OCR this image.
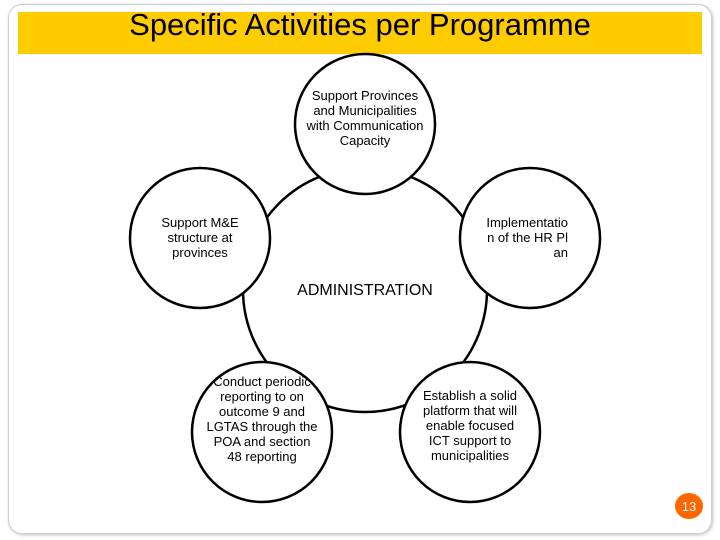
Specific Activities per Programme
ADMINISTRATION
Support Provinces and Municipalities with Communication Capacity
Support M&E structure at provinces
Implementation of the HR Plan
Conduct periodic reporting to on outcome 9 and LGTAS through the POA and section 48 reporting
Establish a solid platform that will enable focused ICT support to municipalities
13
